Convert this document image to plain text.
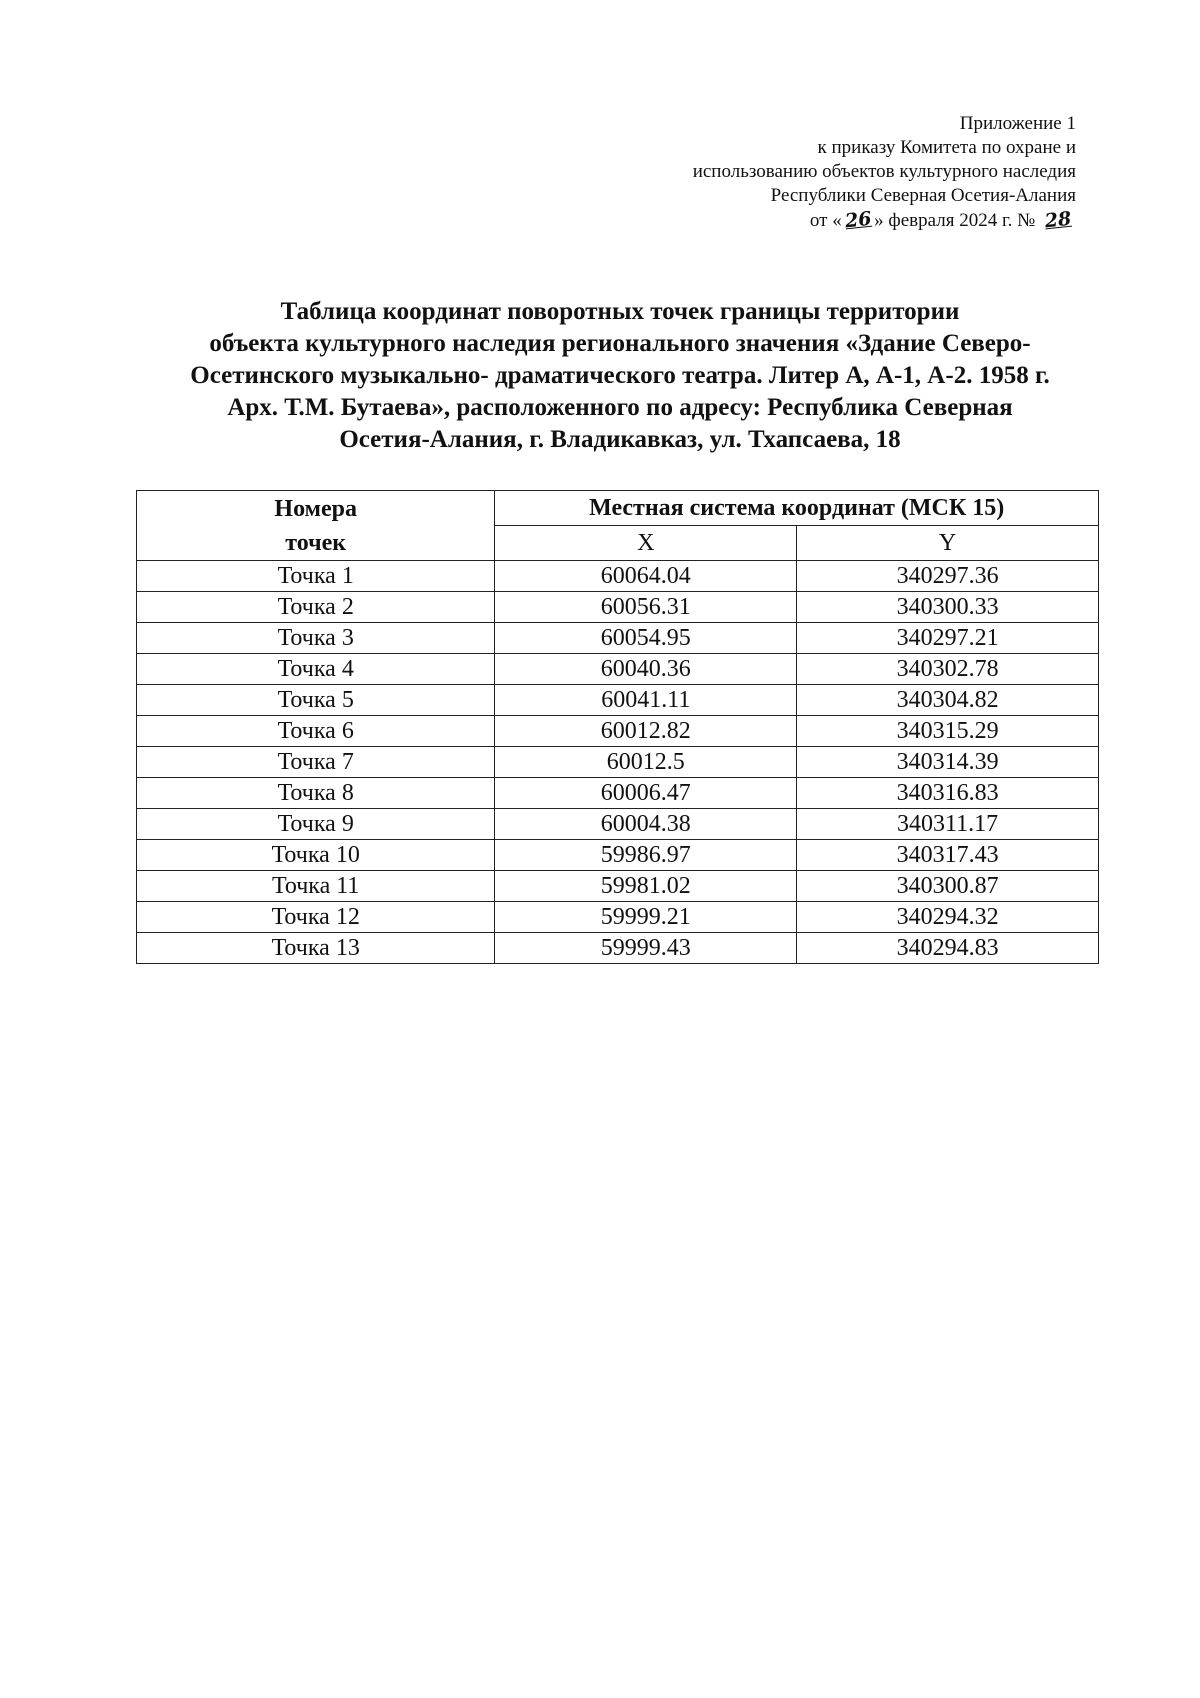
Приложение 1
к приказу Комитета по охране и
использованию объектов культурного наследия
Республики Северная Осетия-Алания
от « 26 » февраля 2024 г. № 28
Таблица координат поворотных точек границы территории
объекта культурного наследия регионального значения «Здание Северо-
Осетинского музыкально- драматического театра. Литер А, А-1, А-2. 1958 г.
Арх. Т.М. Бутаева», расположенного по адресу: Республика Северная
Осетия-Алания, г. Владикавказ, ул. Тхапсаева, 18
Номера
точек	Местная система координат (МСК 15)	
	X	Y
Точка 1	60064.04	340297.36
Точка 2	60056.31	340300.33
Точка 3	60054.95	340297.21
Точка 4	60040.36	340302.78
Точка 5	60041.11	340304.82
Точка 6	60012.82	340315.29
Точка 7	60012.5	340314.39
Точка 8	60006.47	340316.83
Точка 9	60004.38	340311.17
Точка 10	59986.97	340317.43
Точка 11	59981.02	340300.87
Точка 12	59999.21	340294.32
Точка 13	59999.43	340294.83
